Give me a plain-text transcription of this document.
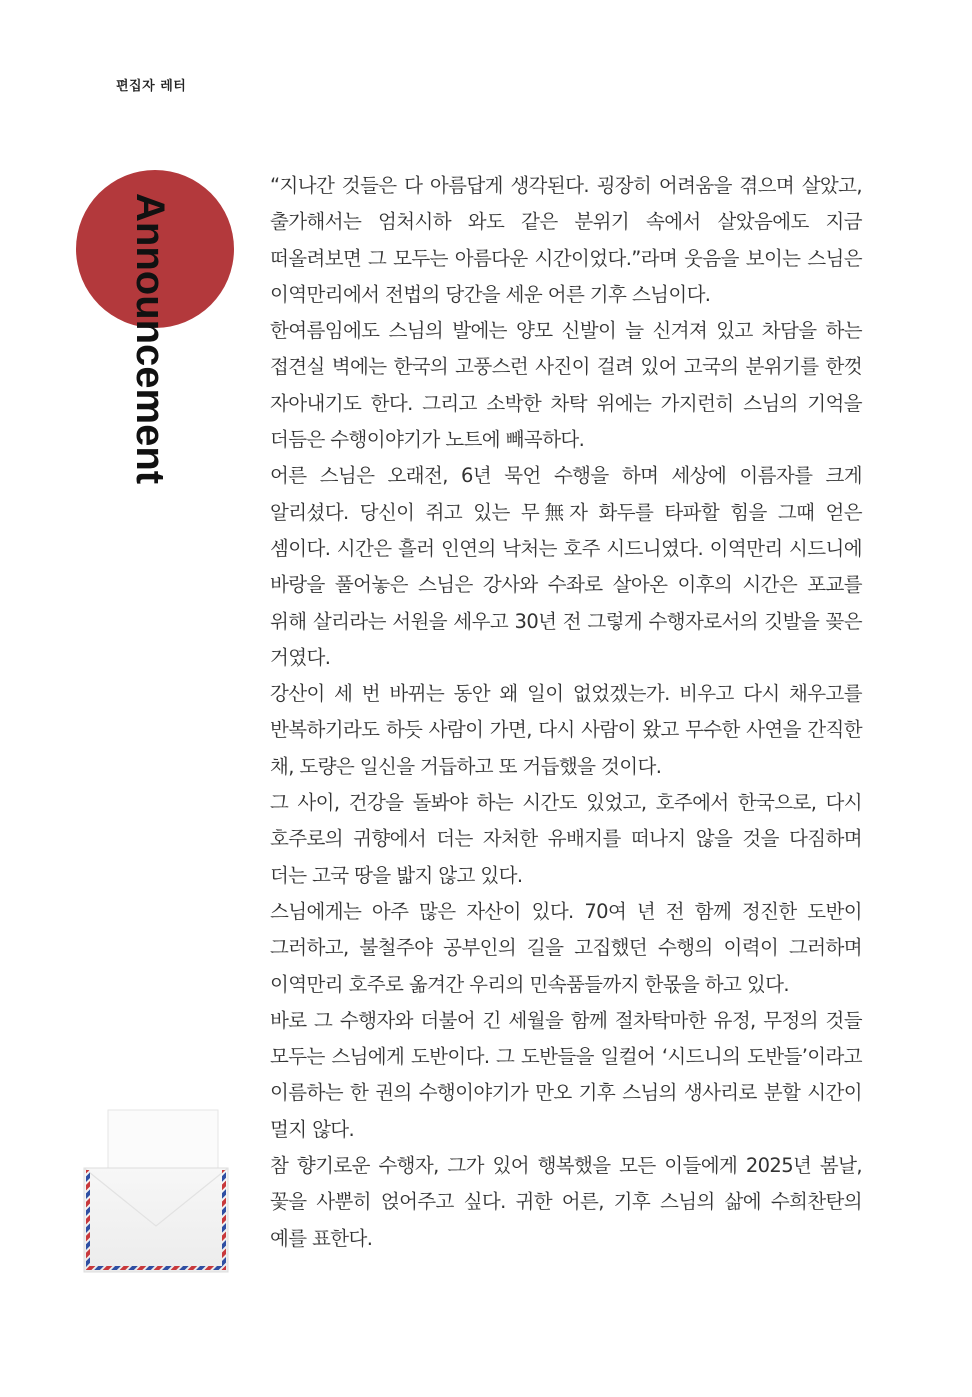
편집자 레터
Announcement

“지나간 것들은 다 아름답게 생각된다. 굉장히 어려움을 겪으며 살았고, 출가해서는 엄처시하 와도 같은 분위기 속에서 살았음에도 지금 떠올려보면 그 모두는 아름다운 시간이었다.”라며 웃음을 보이는 스님은 이역만리에서 전법의 당간을 세운 어른 기후 스님이다.

한여름임에도 스님의 발에는 양모 신발이 늘 신겨져 있고 차담을 하는 접견실 벽에는 한국의 고풍스런 사진이 걸려 있어 고국의 분위기를 한껏 자아내기도 한다. 그리고 소박한 차탁 위에는 가지런히 스님의 기억을 더듬은 수행이야기가 노트에 빼곡하다.

어른 스님은 오래전, 6년 묵언 수행을 하며 세상에 이름자를 크게 알리셨다. 당신이 쥐고 있는 무無자 화두를 타파할 힘을 그때 얻은 셈이다. 시간은 흘러 인연의 낙처는 호주 시드니였다. 이역만리 시드니에 바랑을 풀어놓은 스님은 강사와 수좌로 살아온 이후의 시간은 포교를 위해 살리라는 서원을 세우고 30년 전 그렇게 수행자로서의 깃발을 꽂은 거였다.

강산이 세 번 바뀌는 동안 왜 일이 없었겠는가. 비우고 다시 채우고를 반복하기라도 하듯 사람이 가면, 다시 사람이 왔고 무수한 사연을 간직한 채, 도량은 일신을 거듭하고 또 거듭했을 것이다.

그 사이, 건강을 돌봐야 하는 시간도 있었고, 호주에서 한국으로, 다시 호주로의 귀향에서 더는 자처한 유배지를 떠나지 않을 것을 다짐하며 더는 고국 땅을 밟지 않고 있다.

스님에게는 아주 많은 자산이 있다. 70여 년 전 함께 정진한 도반이 그러하고, 불철주야 공부인의 길을 고집했던 수행의 이력이 그러하며 이역만리 호주로 옮겨간 우리의 민속품들까지 한몫을 하고 있다.

바로 그 수행자와 더불어 긴 세월을 함께 절차탁마한 유정, 무정의 것들 모두는 스님에게 도반이다. 그 도반들을 일컬어 ‘시드니의 도반들’이라고 이름하는 한 권의 수행이야기가 만오 기후 스님의 생사리로 분할 시간이 멀지 않다.

참 향기로운 수행자, 그가 있어 행복했을 모든 이들에게 2025년 봄날, 꽃을 사뿐히 얹어주고 싶다. 귀한 어른, 기후 스님의 삶에 수희찬탄의 예를 표한다.
